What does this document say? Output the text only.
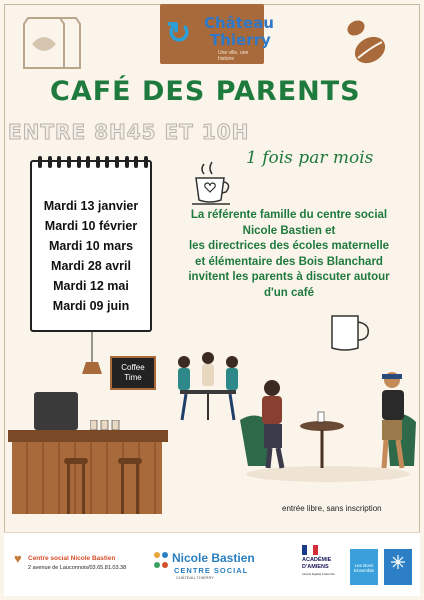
↻ Château
Thierry
Une ville, une histoire
CAFÉ DES PARENTS
ENTRE 8H45 ET 10H
1 fois par mois
Mardi 13 janvier
Mardi 10 février
Mardi 10 mars
Mardi 28 avril
Mardi 12 mai
Mardi 09 juin
La référente famille du centre social
Nicole Bastien et
les directrices des écoles maternelle
et élémentaire des Bois Blanchard
invitent les parents à discuter autour
d'un café
Coffee
Time
entrée libre, sans inscription
♥ Centre social Nicole Bastien
2 avenue de Lauconnois/03.65.81.03.38
Nicole Bastien
CENTRE SOCIAL
CHÂTEAU-THIERRY
ACADÉMIE
D'AMIENS
Liberté Égalité Fraternité
Les Bons Ensemble
